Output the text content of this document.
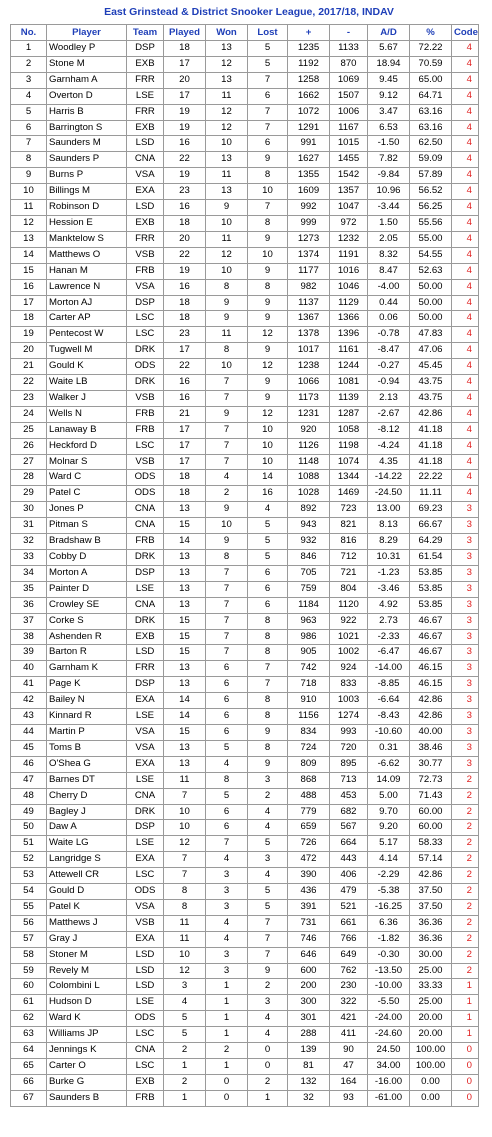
East Grinstead & District Snooker League, 2017/18, INDAV
No.	Player	Team	Played	Won	Lost	+	-	A/D	%	Code
1	Woodley P	DSP	18	13	5	1235	1133	5.67	72.22	4
2	Stone M	EXB	17	12	5	1192	870	18.94	70.59	4
3	Garnham A	FRR	20	13	7	1258	1069	9.45	65.00	4
4	Overton D	LSE	17	11	6	1662	1507	9.12	64.71	4
5	Harris B	FRR	19	12	7	1072	1006	3.47	63.16	4
6	Barrington S	EXB	19	12	7	1291	1167	6.53	63.16	4
7	Saunders M	LSD	16	10	6	991	1015	-1.50	62.50	4
8	Saunders P	CNA	22	13	9	1627	1455	7.82	59.09	4
9	Burns P	VSA	19	11	8	1355	1542	-9.84	57.89	4
10	Billings M	EXA	23	13	10	1609	1357	10.96	56.52	4
11	Robinson D	LSD	16	9	7	992	1047	-3.44	56.25	4
12	Hession E	EXB	18	10	8	999	972	1.50	55.56	4
13	Manktelow S	FRR	20	11	9	1273	1232	2.05	55.00	4
14	Matthews O	VSB	22	12	10	1374	1191	8.32	54.55	4
15	Hanan M	FRB	19	10	9	1177	1016	8.47	52.63	4
16	Lawrence N	VSA	16	8	8	982	1046	-4.00	50.00	4
17	Morton AJ	DSP	18	9	9	1137	1129	0.44	50.00	4
18	Carter AP	LSC	18	9	9	1367	1366	0.06	50.00	4
19	Pentecost W	LSC	23	11	12	1378	1396	-0.78	47.83	4
20	Tugwell M	DRK	17	8	9	1017	1161	-8.47	47.06	4
21	Gould K	ODS	22	10	12	1238	1244	-0.27	45.45	4
22	Waite LB	DRK	16	7	9	1066	1081	-0.94	43.75	4
23	Walker J	VSB	16	7	9	1173	1139	2.13	43.75	4
24	Wells N	FRB	21	9	12	1231	1287	-2.67	42.86	4
25	Lanaway B	FRB	17	7	10	920	1058	-8.12	41.18	4
26	Heckford D	LSC	17	7	10	1126	1198	-4.24	41.18	4
27	Molnar S	VSB	17	7	10	1148	1074	4.35	41.18	4
28	Ward C	ODS	18	4	14	1088	1344	-14.22	22.22	4
29	Patel C	ODS	18	2	16	1028	1469	-24.50	11.11	4
30	Jones P	CNA	13	9	4	892	723	13.00	69.23	3
31	Pitman S	CNA	15	10	5	943	821	8.13	66.67	3
32	Bradshaw B	FRB	14	9	5	932	816	8.29	64.29	3
33	Cobby D	DRK	13	8	5	846	712	10.31	61.54	3
34	Morton A	DSP	13	7	6	705	721	-1.23	53.85	3
35	Painter D	LSE	13	7	6	759	804	-3.46	53.85	3
36	Crowley SE	CNA	13	7	6	1184	1120	4.92	53.85	3
37	Corke S	DRK	15	7	8	963	922	2.73	46.67	3
38	Ashenden R	EXB	15	7	8	986	1021	-2.33	46.67	3
39	Barton R	LSD	15	7	8	905	1002	-6.47	46.67	3
40	Garnham K	FRR	13	6	7	742	924	-14.00	46.15	3
41	Page K	DSP	13	6	7	718	833	-8.85	46.15	3
42	Bailey N	EXA	14	6	8	910	1003	-6.64	42.86	3
43	Kinnard R	LSE	14	6	8	1156	1274	-8.43	42.86	3
44	Martin P	VSA	15	6	9	834	993	-10.60	40.00	3
45	Toms B	VSA	13	5	8	724	720	0.31	38.46	3
46	O'Shea G	EXA	13	4	9	809	895	-6.62	30.77	3
47	Barnes DT	LSE	11	8	3	868	713	14.09	72.73	2
48	Cherry D	CNA	7	5	2	488	453	5.00	71.43	2
49	Bagley J	DRK	10	6	4	779	682	9.70	60.00	2
50	Daw A	DSP	10	6	4	659	567	9.20	60.00	2
51	Waite LG	LSE	12	7	5	726	664	5.17	58.33	2
52	Langridge S	EXA	7	4	3	472	443	4.14	57.14	2
53	Attewell CR	LSC	7	3	4	390	406	-2.29	42.86	2
54	Gould D	ODS	8	3	5	436	479	-5.38	37.50	2
55	Patel K	VSA	8	3	5	391	521	-16.25	37.50	2
56	Matthews J	VSB	11	4	7	731	661	6.36	36.36	2
57	Gray J	EXA	11	4	7	746	766	-1.82	36.36	2
58	Stoner M	LSD	10	3	7	646	649	-0.30	30.00	2
59	Revely M	LSD	12	3	9	600	762	-13.50	25.00	2
60	Colombini L	LSD	3	1	2	200	230	-10.00	33.33	1
61	Hudson D	LSE	4	1	3	300	322	-5.50	25.00	1
62	Ward K	ODS	5	1	4	301	421	-24.00	20.00	1
63	Williams JP	LSC	5	1	4	288	411	-24.60	20.00	1
64	Jennings K	CNA	2	2	0	139	90	24.50	100.00	0
65	Carter O	LSC	1	1	0	81	47	34.00	100.00	0
66	Burke G	EXB	2	0	2	132	164	-16.00	0.00	0
67	Saunders B	FRB	1	0	1	32	93	-61.00	0.00	0
